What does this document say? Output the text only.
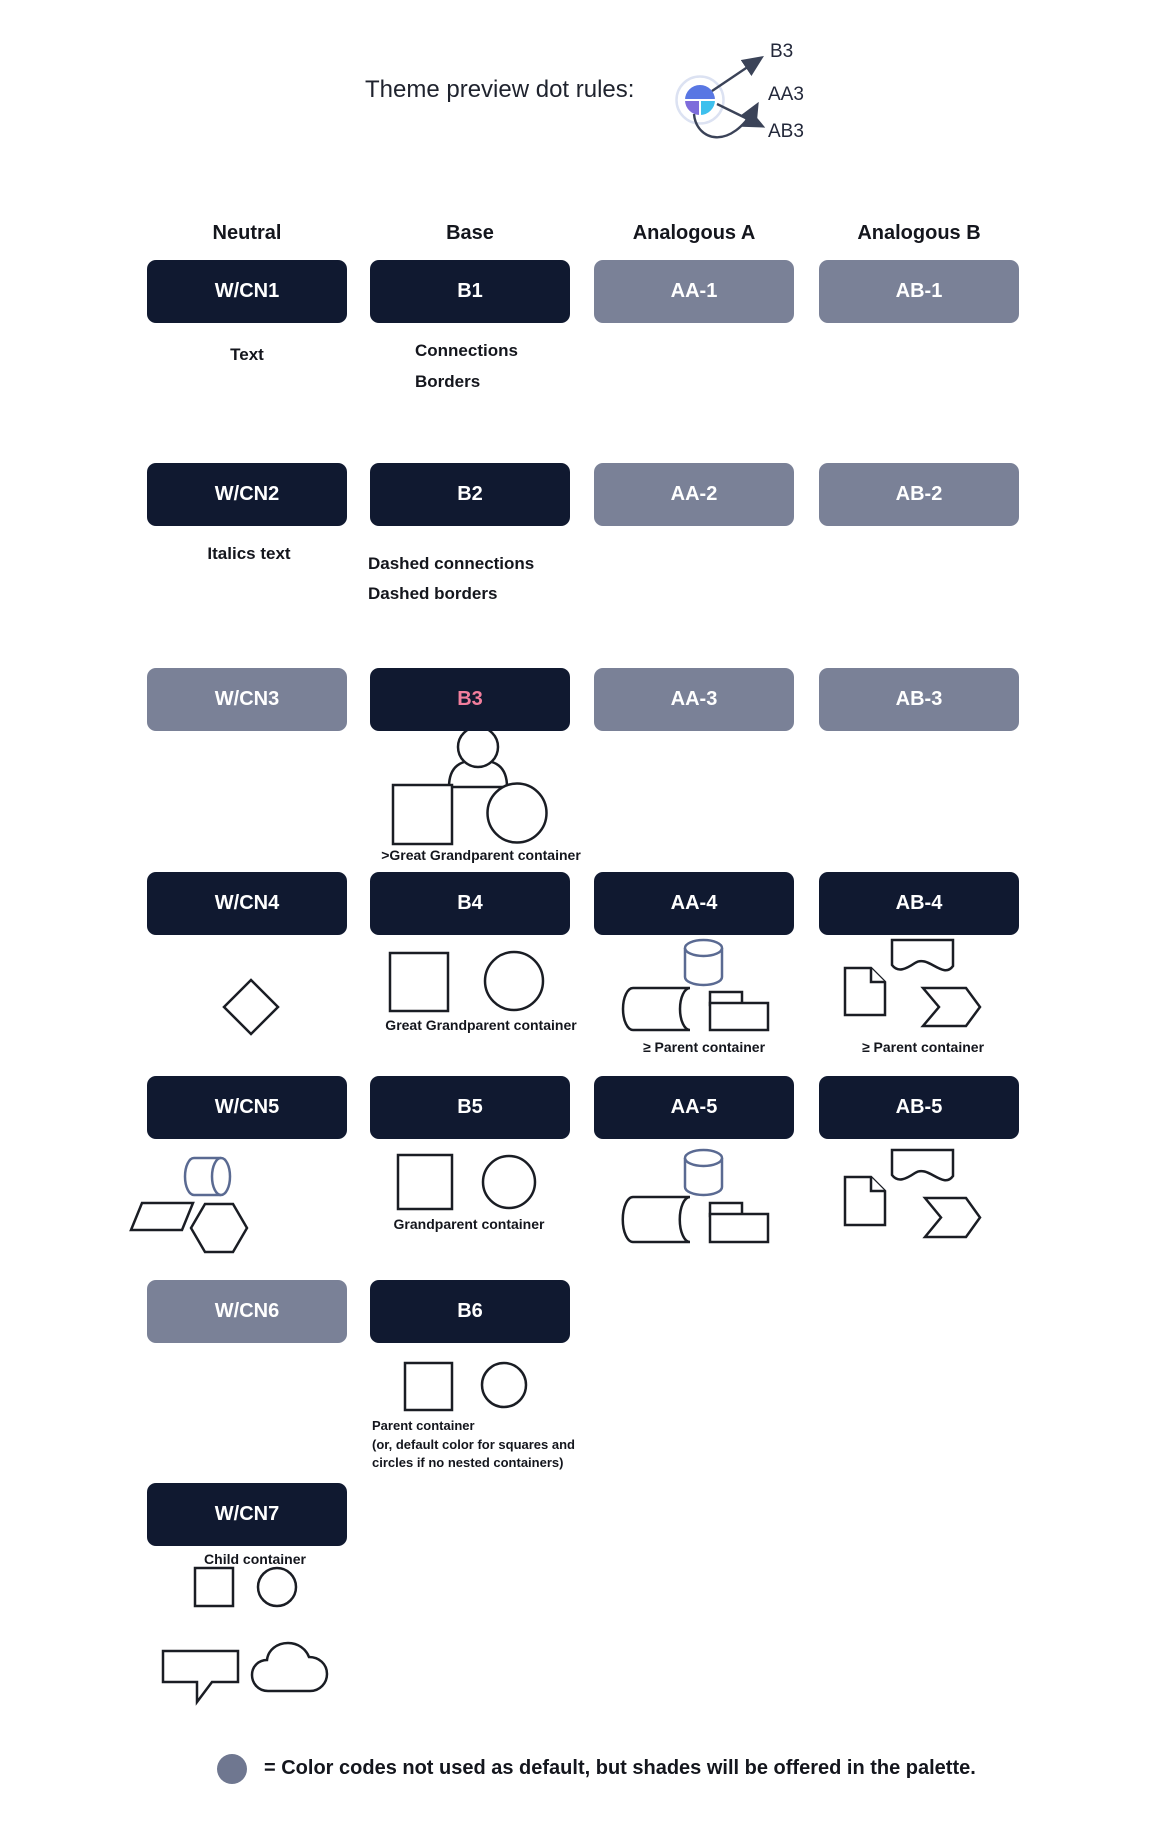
Theme preview dot rules:
B3
AA3
AB3
Neutral	Base	Analogous A	Analogous B
W/CN1	B1	AA-1	AB-1
Text	Connections
Borders
W/CN2	B2	AA-2	AB-2
Italics text
Dashed connections
Dashed borders
W/CN3	B3	AA-3	AB-3
>Great Grandparent container
W/CN4	B4	AA-4	AB-4
Great Grandparent container
≥ Parent container	≥ Parent container
W/CN5	B5	AA-5	AB-5
Grandparent container
W/CN6	B6
Parent container
(or, default color for squares and
circles if no nested containers)
W/CN7
Child container
= Color codes not used as default, but shades will be offered in the palette.
